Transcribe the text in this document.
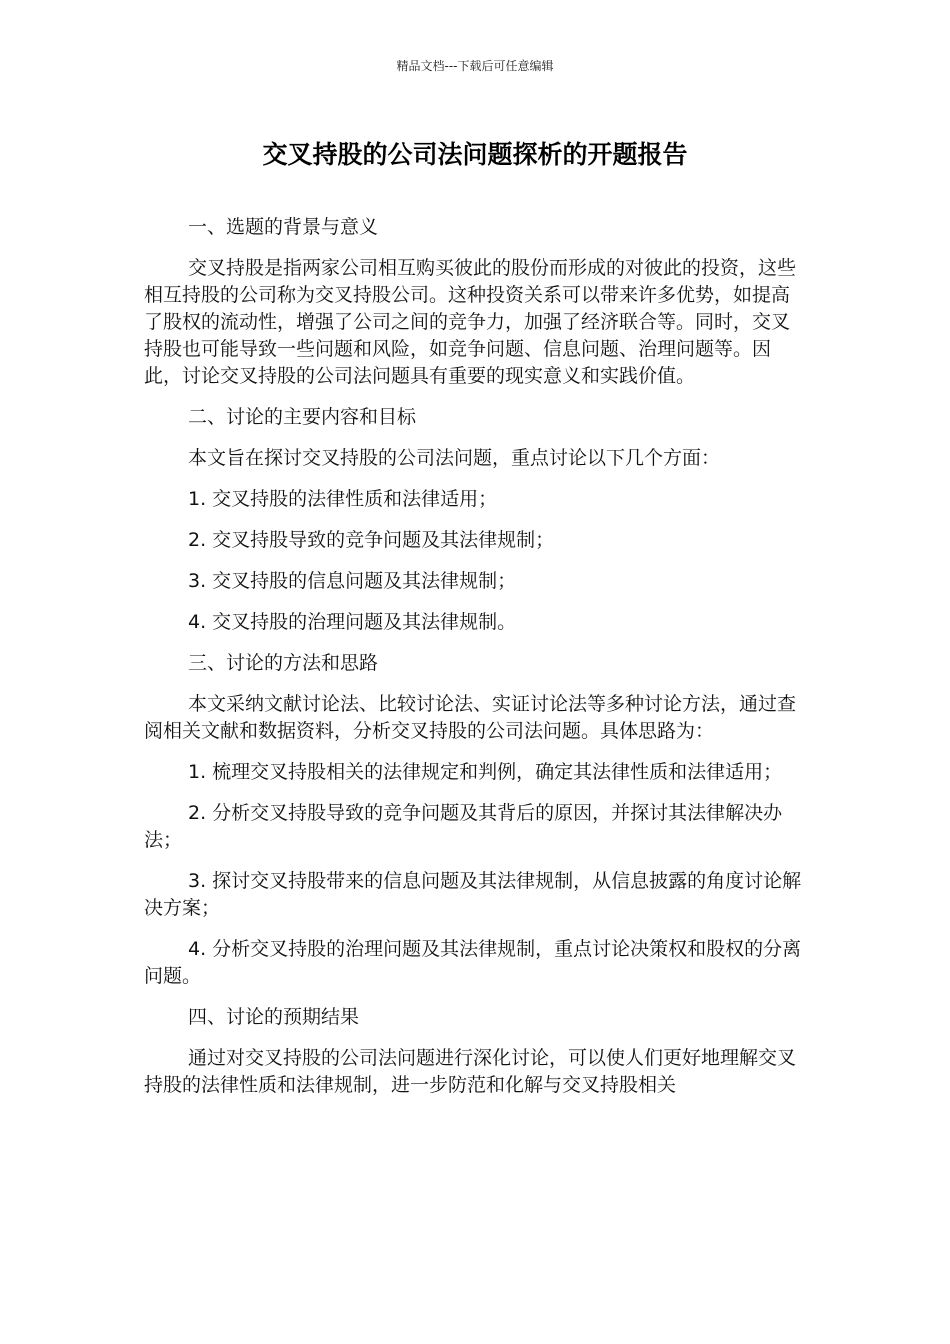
精品文档---下载后可任意编辑
交叉持股的公司法问题探析的开题报告

一、选题的背景与意义

交叉持股是指两家公司相互购买彼此的股份而形成的对彼此的投资，这些相互持股的公司称为交叉持股公司。这种投资关系可以带来许多优势，如提高了股权的流动性，增强了公司之间的竞争力，加强了经济联合等。同时，交叉持股也可能导致一些问题和风险，如竞争问题、信息问题、治理问题等。因此，讨论交叉持股的公司法问题具有重要的现实意义和实践价值。

二、讨论的主要内容和目标

本文旨在探讨交叉持股的公司法问题，重点讨论以下几个方面：

1. 交叉持股的法律性质和法律适用；

2. 交叉持股导致的竞争问题及其法律规制；

3. 交叉持股的信息问题及其法律规制；

4. 交叉持股的治理问题及其法律规制。

三、讨论的方法和思路

本文采纳文献讨论法、比较讨论法、实证讨论法等多种讨论方法，通过查阅相关文献和数据资料，分析交叉持股的公司法问题。具体思路为：

1. 梳理交叉持股相关的法律规定和判例，确定其法律性质和法律适用；

2. 分析交叉持股导致的竞争问题及其背后的原因，并探讨其法律解决办法；

3. 探讨交叉持股带来的信息问题及其法律规制，从信息披露的角度讨论解决方案；

4. 分析交叉持股的治理问题及其法律规制，重点讨论决策权和股权的分离问题。

四、讨论的预期结果

通过对交叉持股的公司法问题进行深化讨论，可以使人们更好地理解交叉持股的法律性质和法律规制，进一步防范和化解与交叉持股相关
